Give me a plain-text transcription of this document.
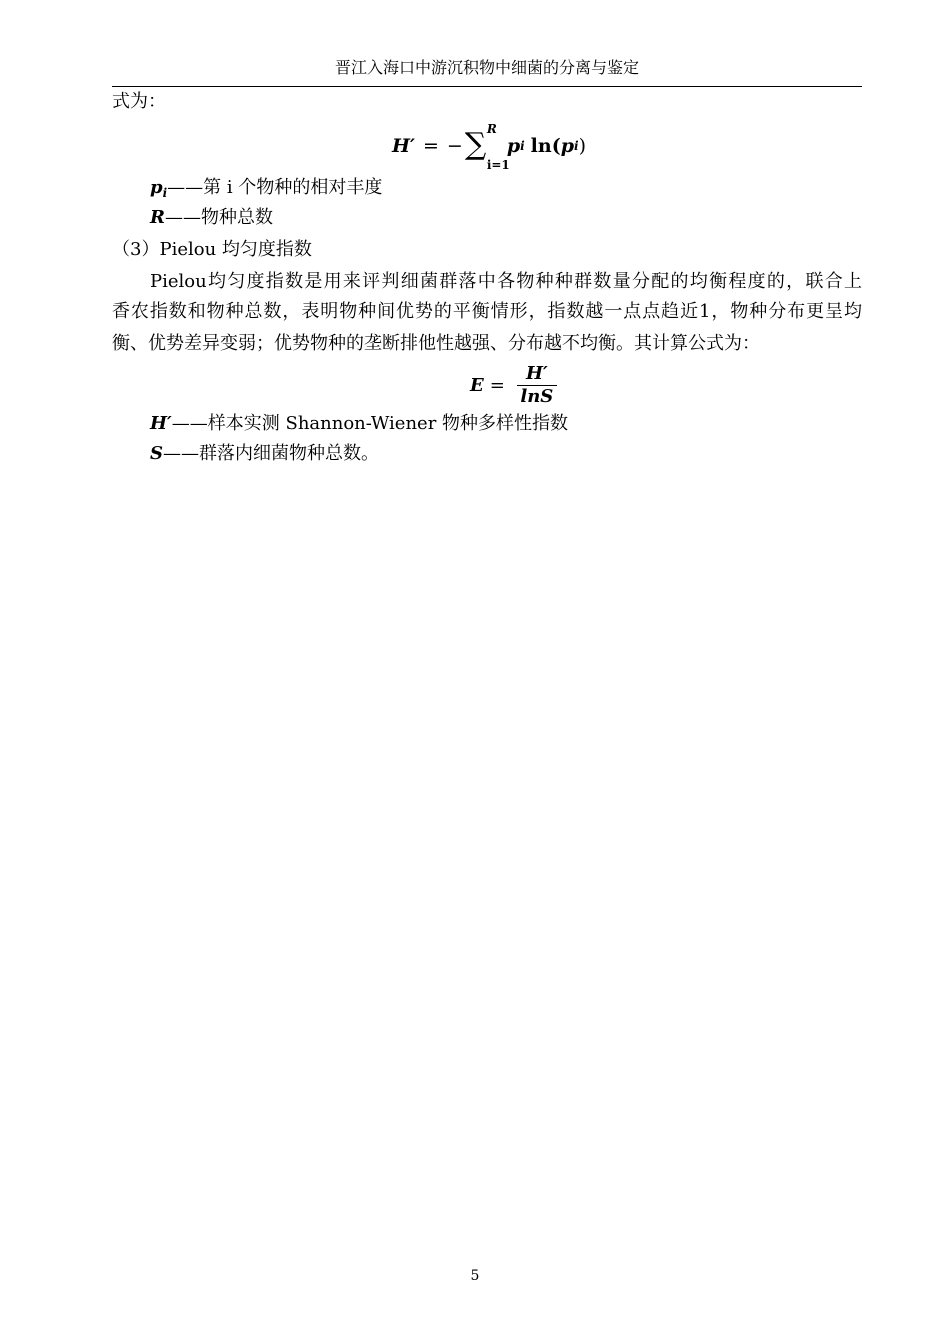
晋江入海口中游沉积物中细菌的分离与鉴定
式为：
H′ = − ∑ R
i=1
p i ln( p i )
$p_i——$第 i 个物种的相对丰度
R——物种总数
（3）Pielou 均匀度指数
Pielou均匀度指数是用来评判细菌群落中各物种种群数量分配的均衡程度的，联合上
香农指数和物种总数，表明物种间优势的平衡情形，指数越一点点趋近1，物种分布更呈均
衡、优势差异变弱；优势物种的垄断排他性越强、分布越不均衡。其计算公式为：
$E = \frac{H'}{\ln S}$
H′——样本实测 Shannon-Wiener 物种多样性指数
S——群落内细菌物种总数。
5
